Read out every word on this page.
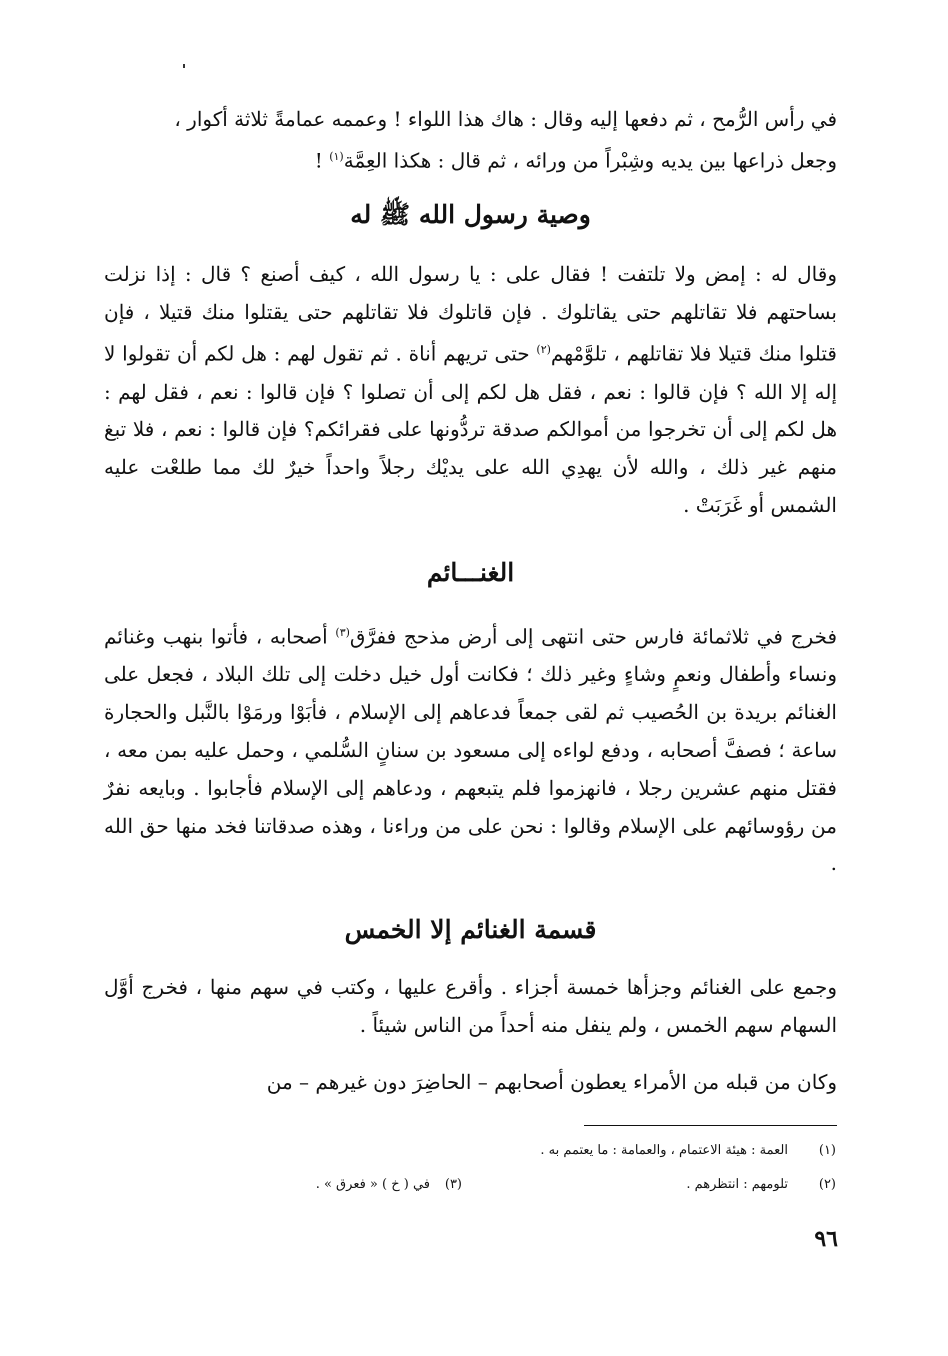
في رأس الرُّمح ، ثم دفعها إليه وقال : هاك هذا اللواء ! وعممه عمامةً ثلاثة أكوار ،

وجعل ذراعها بين يديه وشِبْراً من ورائه ، ثم قال : هكذا العِمَّة$^{(١)}$ !

وصية رسول الله ﷺ له

وقال له : إمض ولا تلتفت ! فقال على : يا رسول الله ، كيف أصنع ؟ قال : إذا نزلت بساحتهم فلا تقاتلهم حتى يقاتلوك . فإن قاتلوك فلا تقاتلهم حتى يقتلوا منك قتيلا ، فإن قتلوا منك قتيلا فلا تقاتلهم ، تلوَّمْهم$^{(٢)}$ حتى تريهم أناة . ثم تقول لهم : هل لكم أن تقولوا لا إله إلا الله ؟ فإن قالوا : نعم ، فقل هل لكم إلى أن تصلوا ؟ فإن قالوا : نعم ، فقل لهم : هل لكم إلى أن تخرجوا من أموالكم صدقة تردُّونها على فقرائكم؟ فإن قالوا : نعم ، فلا تبغ منهم غير ذلك ، والله لأن يهدِي الله على يديْك رجلاً واحداً خيرٌ لك مما طلعْت عليه الشمس أو غَرَبَتْ .

الغنـــائم

فخرج في ثلاثمائة فارس حتى انتهى إلى أرض مذحج ففرَّق$^{(٣)}$ أصحابه ، فأتوا بنهب وغنائم ونساء وأطفال ونعمٍ وشاءٍ وغير ذلك ؛ فكانت أول خيل دخلت إلى تلك البلاد ، فجعل على الغنائم بريدة بن الحُصيب ثم لقى جمعاً فدعاهم إلى الإسلام ، فأبَوْا ورمَوْا بالنَّبل والحجارة ساعة ؛ فصفَّ أصحابه ، ودفع لواءه إلى مسعود بن سنانٍ السُّلمي ، وحمل عليه بمن معه ، فقتل منهم عشرين رجلا ، فانهزموا فلم يتبعهم ، ودعاهم إلى الإسلام فأجابوا . وبايعه نفرٌ من رؤوسائهم على الإسلام وقالوا : نحن على من وراءنا ، وهذه صدقاتنا فخد منها حق الله .

قسمة الغنائم إلا الخمس

وجمع على الغنائم وجزأها خمسة أجزاء . وأقرع عليها ، وكتب في سهم منها ، فخرج أوَّل السهام سهم الخمس ، ولم ينفل منه أحداً من الناس شيئاً .

وكان من قبله من الأمراء يعطون أصحابهم – الحاضِرَ دون غيرهم – من

(١)العمة : هيئة الاعتمام ، والعمامة : ما يعتمم به .
(٢)تلومهم : انتظرهم .
(٣)في ( خ ) « فعرق » .
٩٦
